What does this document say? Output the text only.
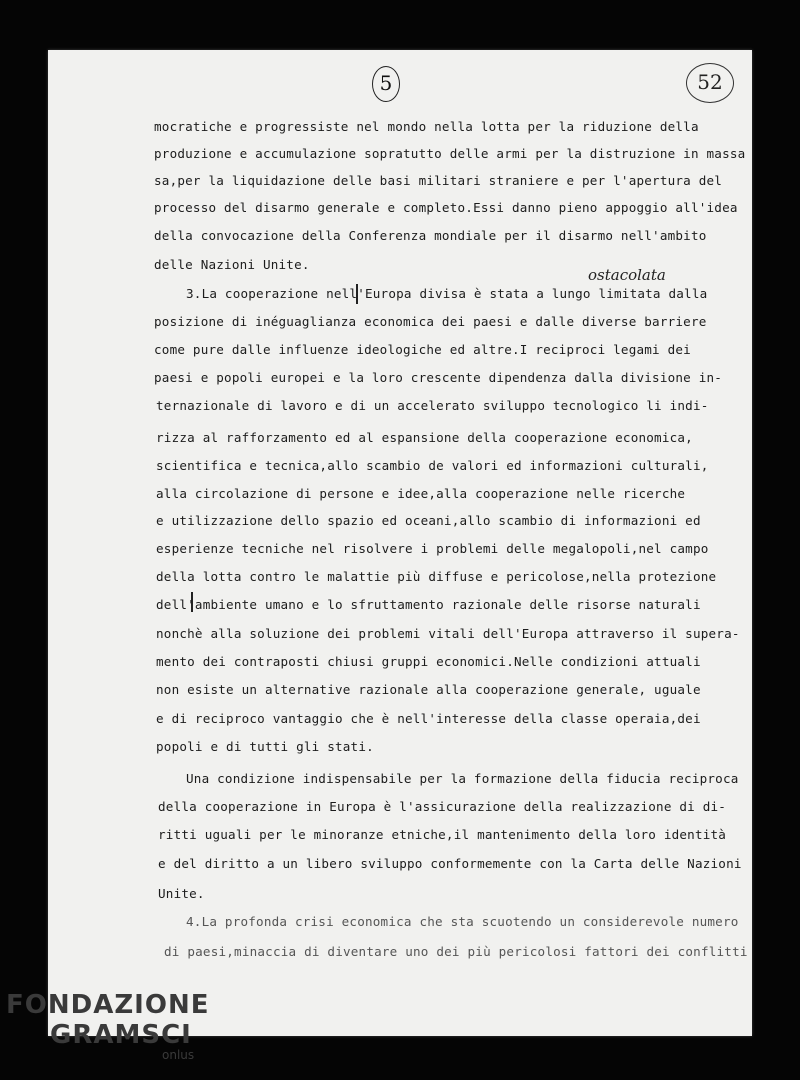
5	52
ostacolata
mocratiche e progressiste nel mondo nella lotta per la riduzione della
produzione e accumulazione sopratutto delle armi per la distruzione in massa
sa,per la liquidazione delle basi militari straniere e per l'apertura del
processo del disarmo generale e completo.Essi danno pieno appoggio all'idea
della convocazione della Conferenza mondiale per il disarmo nell'ambito
delle Nazioni Unite.
3.La cooperazione nell'Europa divisa è stata a lungo limitata dalla
posizione di inéguaglianza economica dei paesi e dalle diverse barriere
come pure dalle influenze ideologiche ed altre.I reciproci legami dei
paesi e popoli europei e la loro crescente dipendenza dalla divisione in-
ternazionale di lavoro e di un accelerato sviluppo tecnologico li indi-
rizza al rafforzamento ed al espansione della cooperazione economica,
scientifica e tecnica,allo scambio de valori ed informazioni culturali,
alla circolazione di persone e idee,alla cooperazione nelle ricerche
e utilizzazione dello spazio ed oceani,allo scambio di informazioni ed
esperienze tecniche nel risolvere i problemi delle megalopoli,nel campo
della lotta contro le malattie più diffuse e pericolose,nella protezione
dell'ambiente umano e lo sfruttamento razionale delle risorse naturali
nonchè alla soluzione dei problemi vitali dell'Europa attraverso il supera-
mento dei contraposti chiusi gruppi economici.Nelle condizioni attuali
non esiste un alternative razionale alla cooperazione generale, uguale
e di reciproco vantaggio che è nell'interesse della classe operaia,dei
popoli e di tutti gli stati.
Una condizione indispensabile per la formazione della fiducia reciproca
della cooperazione in Europa è l'assicurazione della realizzazione di di-
ritti uguali per le minoranze etniche,il mantenimento della loro identità
e del diritto a un libero sviluppo conformemente con la Carta delle Nazioni
Unite.
4.La profonda crisi economica che sta scuotendo un considerevole numero
di paesi,minaccia di diventare uno dei più pericolosi fattori dei conflitti
FONDAZIONE
GRAMSCI
onlus
